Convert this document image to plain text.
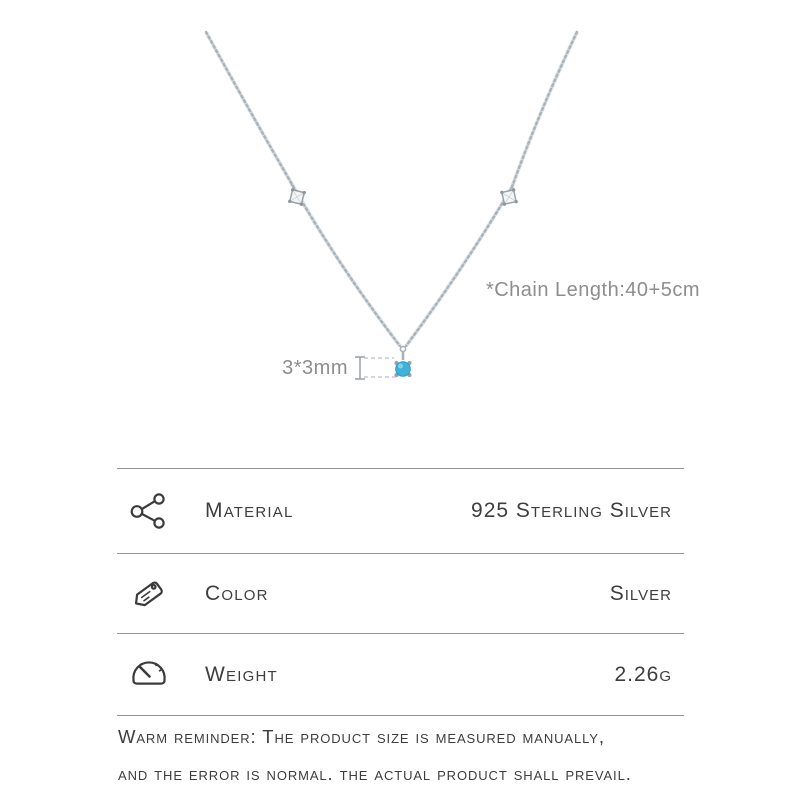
*Chain Length:40+5cm
3*3mm
Material	925 Sterling Silver
Color	Silver
Weight	2.26g
Warm reminder: The product size is measured manually,
and the error is normal. the actual product shall prevail.
